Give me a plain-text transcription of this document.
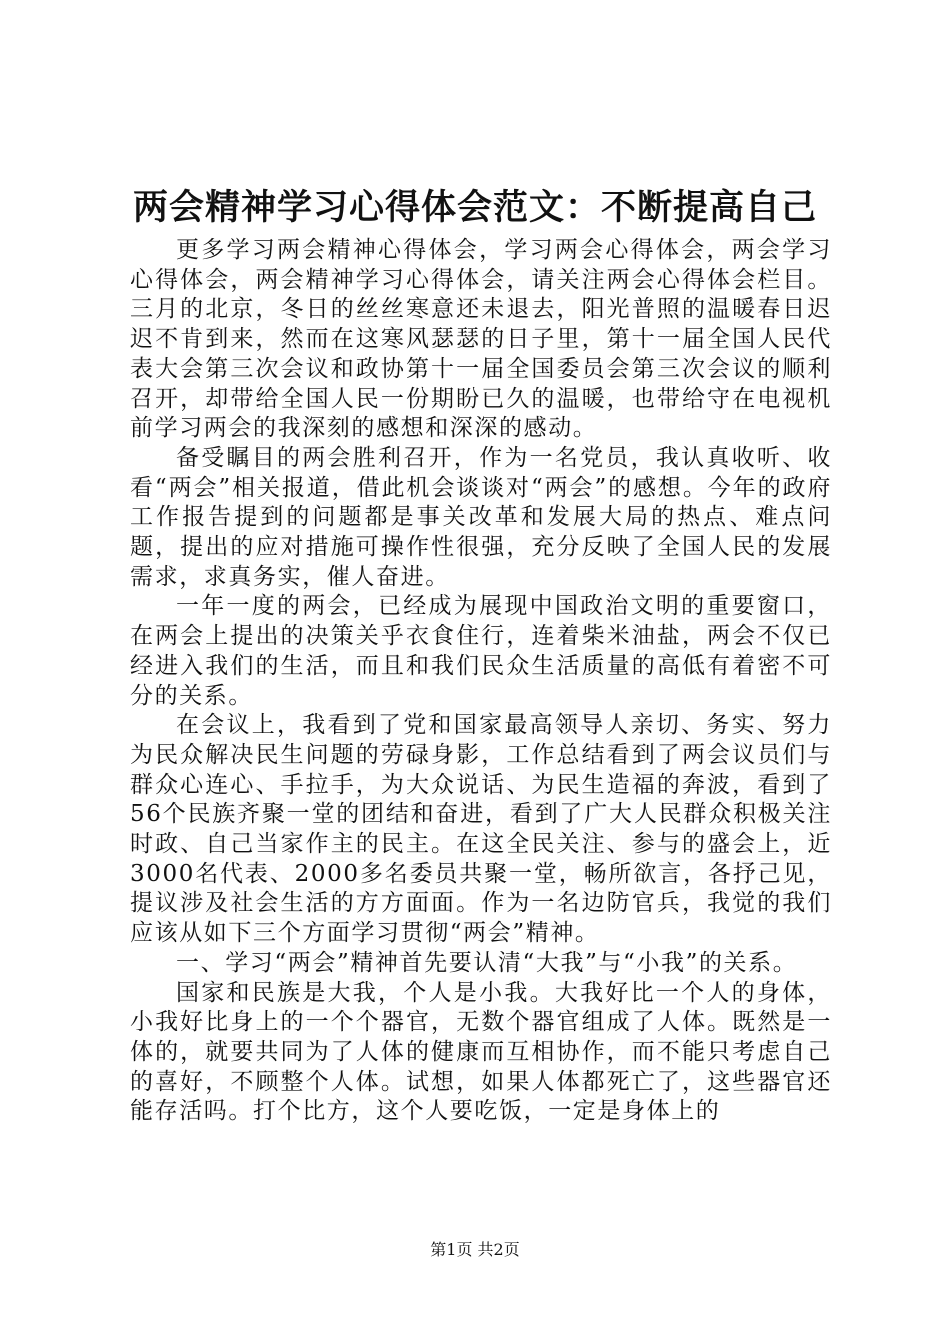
两会精神学习心得体会范文：不断提高自己

更多学习两会精神心得体会，学习两会心得体会，两会学习心得体会，两会精神学习心得体会，请关注两会心得体会栏目。三月的北京，冬日的丝丝寒意还未退去，阳光普照的温暖春日迟迟不肯到来，然而在这寒风瑟瑟的日子里，第十一届全国人民代表大会第三次会议和政协第十一届全国委员会第三次会议的顺利召开，却带给全国人民一份期盼已久的温暖，也带给守在电视机前学习两会的我深刻的感想和深深的感动。

备受瞩目的两会胜利召开，作为一名党员，我认真收听、收看“两会”相关报道，借此机会谈谈对“两会”的感想。今年的政府工作报告提到的问题都是事关改革和发展大局的热点、难点问题，提出的应对措施可操作性很强，充分反映了全国人民的发展需求，求真务实，催人奋进。

一年一度的两会，已经成为展现中国政治文明的重要窗口，在两会上提出的决策关乎衣食住行，连着柴米油盐，两会不仅已经进入我们的生活，而且和我们民众生活质量的高低有着密不可分的关系。

在会议上，我看到了党和国家最高领导人亲切、务实、努力为民众解决民生问题的劳碌身影，工作总结看到了两会议员们与群众心连心、手拉手，为大众说话、为民生造福的奔波，看到了56个民族齐聚一堂的团结和奋进，看到了广大人民群众积极关注时政、自己当家作主的民主。在这全民关注、参与的盛会上，近3000名代表、2000多名委员共聚一堂，畅所欲言，各抒己见，提议涉及社会生活的方方面面。作为一名边防官兵，我觉的我们应该从如下三个方面学习贯彻“两会”精神。

一、学习“两会”精神首先要认清“大我”与“小我”的关系。

国家和民族是大我，个人是小我。大我好比一个人的身体，小我好比身上的一个个器官，无数个器官组成了人体。既然是一体的，就要共同为了人体的健康而互相协作，而不能只考虑自己的喜好，不顾整个人体。试想，如果人体都死亡了，这些器官还能存活吗。打个比方，这个人要吃饭，一定是身体上的

第1页 共2页
